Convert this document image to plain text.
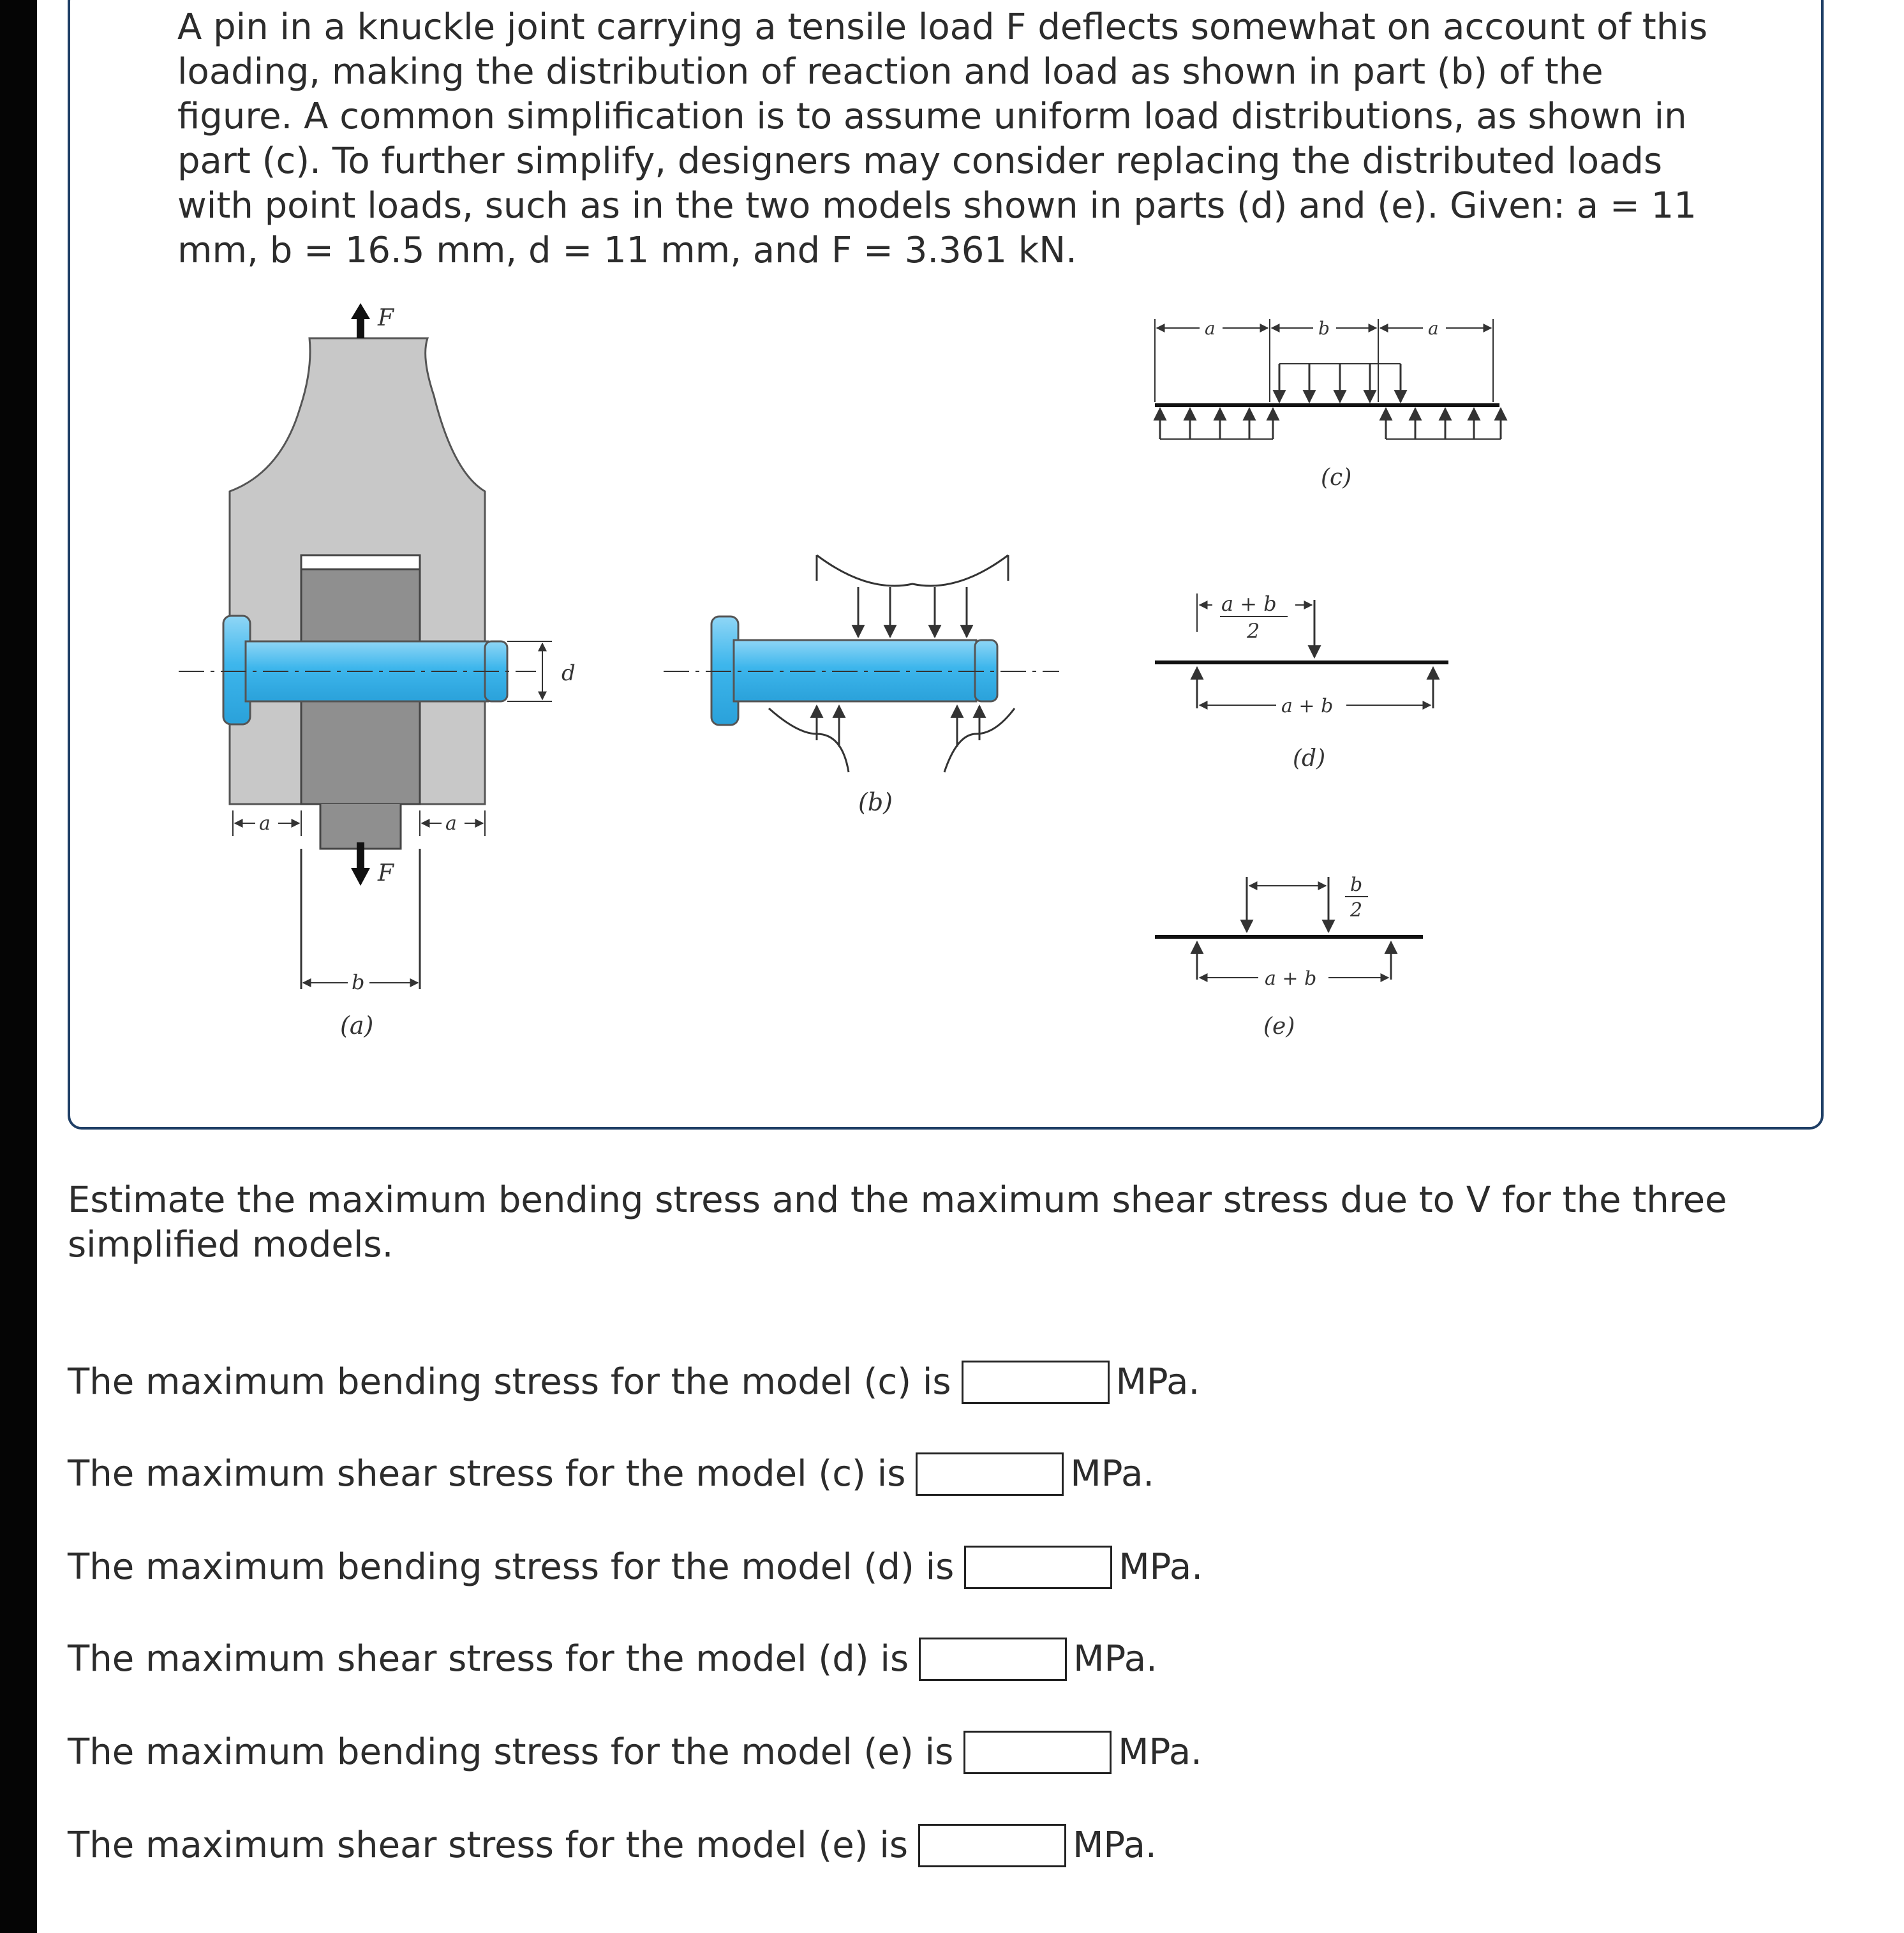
A pin in a knuckle joint carrying a tensile load F deflects somewhat on account of this loading, making the distribution of reaction and load as shown in part (b) of the figure. A common simplification is to assume uniform load distributions, as shown in part (c). To further simplify, designers may consider replacing the distributed loads with point loads, such as in the two models shown in parts (d) and (e). Given: a = 11 mm, b = 16.5 mm, d = 11 mm, and F = 3.361 kN.

F
F
d
a	a
b
(a)
(b)
a	b	a
(c)
a + b
2
a + b
(d)
b
2
a + b
(e)

Estimate the maximum bending stress and the maximum shear stress due to V for the three simplified models.

The maximum bending stress for the model (c) is	MPa.
The maximum shear stress for the model (c) is	MPa.
The maximum bending stress for the model (d) is	MPa.
The maximum shear stress for the model (d) is	MPa.
The maximum bending stress for the model (e) is	MPa.
The maximum shear stress for the model (e) is	MPa.
